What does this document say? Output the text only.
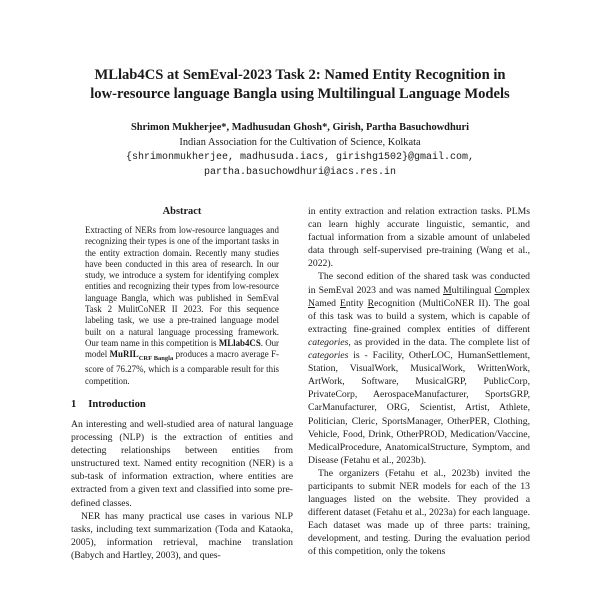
MLlab4CS at SemEval-2023 Task 2: Named Entity Recognition in
low-resource language Bangla using Multilingual Language Models
Shrimon Mukherjee*, Madhusudan Ghosh*, Girish, Partha Basuchowdhuri
Indian Association for the Cultivation of Science, Kolkata
{shrimonmukherjee, madhusuda.iacs, girishg1502}@gmail.com,
partha.basuchowdhuri@iacs.res.in
Abstract
Extracting of NERs from low-resource languages and recognizing their types is one of the important tasks in the entity extraction domain. Recently many studies have been conducted in this area of research. In our study, we introduce a system for identifying complex entities and recognizing their types from low-resource language Bangla, which was published in SemEval Task 2 MulitCoNER II 2023. For this sequence labeling task, we use a pre-trained language model built on a natural language processing framework. Our team name in this competition is MLlab4CS. Our model MuRIL$_{CRF Bangla}$ produces a macro average F-score of 76.27%, which is a comparable result for this competition.
1 Introduction

An interesting and well-studied area of natural language processing (NLP) is the extraction of entities and detecting relationships between entities from unstructured text. Named entity recognition (NER) is a sub-task of information extraction, where entities are extracted from a given text and classified into some pre-defined classes.

NER has many practical use cases in various NLP tasks, including text summarization (Toda and Kataoka, 2005), information retrieval, machine translation (Babych and Hartley, 2003), and ques-

in entity extraction and relation extraction tasks. PLMs can learn highly accurate linguistic, semantic, and factual information from a sizable amount of unlabeled data through self-supervised pre-training (Wang et al., 2022).

The second edition of the shared task was conducted in SemEval 2023 and was named Multilingual Complex Named Entity Recognition (MultiCoNER II). The goal of this task was to build a system, which is capable of extracting fine-grained complex entities of different categories, as provided in the data. The complete list of categories is - Facility, OtherLOC, HumanSettlement, Station, VisualWork, MusicalWork, WrittenWork, ArtWork, Software, MusicalGRP, PublicCorp, PrivateCorp, AerospaceManufacturer, SportsGRP, CarManufacturer, ORG, Scientist, Artist, Athlete, Politician, Cleric, SportsManager, OtherPER, Clothing, Vehicle, Food, Drink, OtherPROD, Medication/Vaccine, MedicalProcedure, AnatomicalStructure, Symptom, and Disease (Fetahu et al., 2023b).

The organizers (Fetahu et al., 2023b) invited the participants to submit NER models for each of the 13 languages listed on the website. They provided a different dataset (Fetahu et al., 2023a) for each language. Each dataset was made up of three parts: training, development, and testing. During the evaluation period of this competition, only the tokens
